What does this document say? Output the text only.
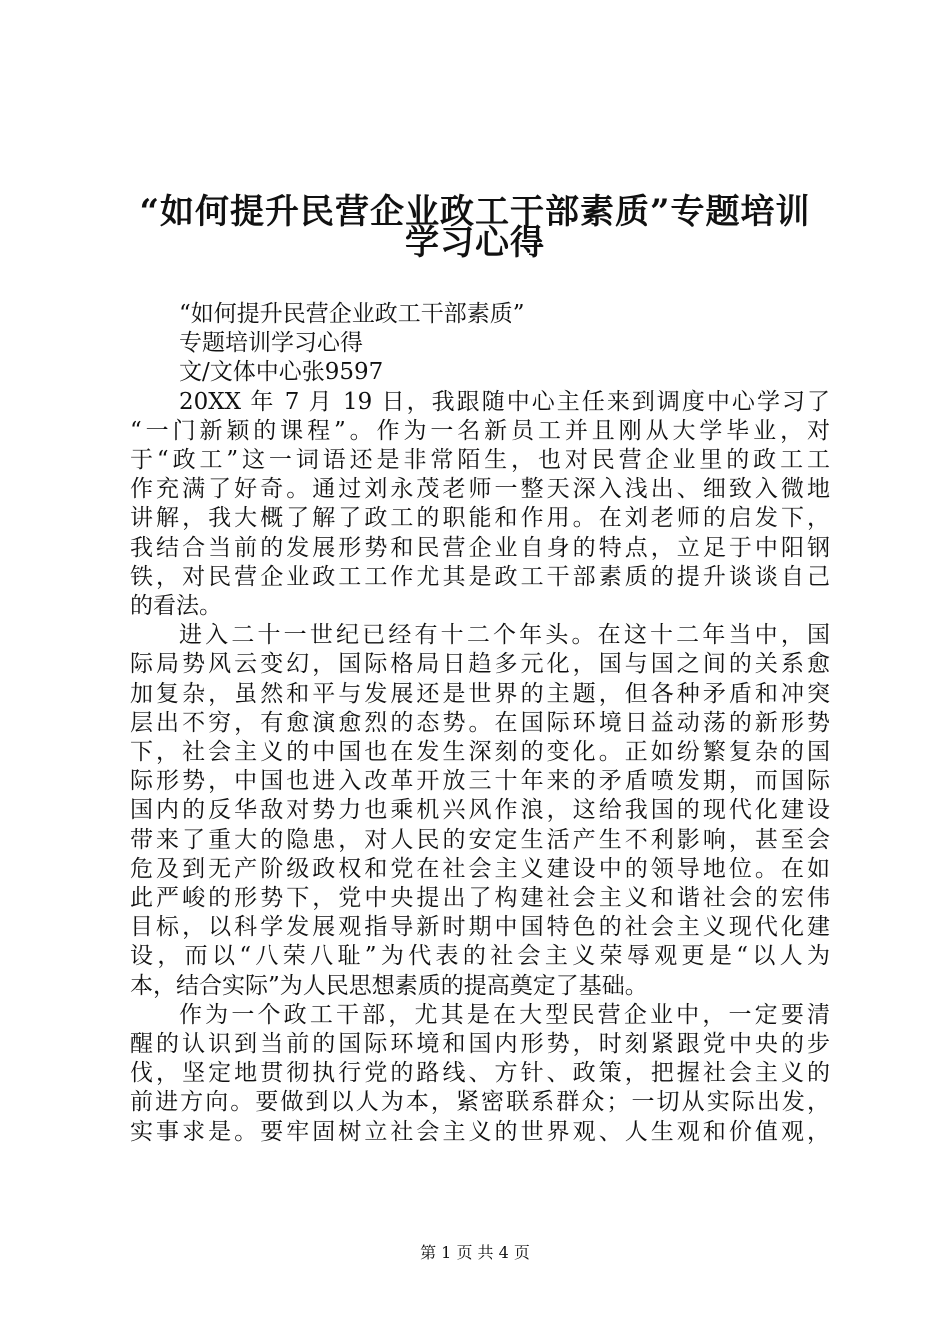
“如何提升民营企业政工干部素质”专题培训
学习心得

“如何提升民营企业政工干部素质”

专题培训学习心得

文/文体中心张9597

20XX 年 7 月 19 日，我跟随中心主任来到调度中心学习了

“一门新颖的课程”。作为一名新员工并且刚从大学毕业，对

于“政工”这一词语还是非常陌生，也对民营企业里的政工工

作充满了好奇。通过刘永茂老师一整天深入浅出、细致入微地

讲解，我大概了解了政工的职能和作用。在刘老师的启发下，

我结合当前的发展形势和民营企业自身的特点，立足于中阳钢

铁，对民营企业政工工作尤其是政工干部素质的提升谈谈自己

的看法。

进入二十一世纪已经有十二个年头。在这十二年当中，国

际局势风云变幻，国际格局日趋多元化，国与国之间的关系愈

加复杂，虽然和平与发展还是世界的主题，但各种矛盾和冲突

层出不穷，有愈演愈烈的态势。在国际环境日益动荡的新形势

下，社会主义的中国也在发生深刻的变化。正如纷繁复杂的国

际形势，中国也进入改革开放三十年来的矛盾喷发期，而国际

国内的反华敌对势力也乘机兴风作浪，这给我国的现代化建设

带来了重大的隐患，对人民的安定生活产生不利影响，甚至会

危及到无产阶级政权和党在社会主义建设中的领导地位。在如

此严峻的形势下，党中央提出了构建社会主义和谐社会的宏伟

目标，以科学发展观指导新时期中国特色的社会主义现代化建

设，而以“八荣八耻”为代表的社会主义荣辱观更是“以人为

本，结合实际”为人民思想素质的提高奠定了基础。

作为一个政工干部，尤其是在大型民营企业中，一定要清

醒的认识到当前的国际环境和国内形势，时刻紧跟党中央的步

伐，坚定地贯彻执行党的路线、方针、政策，把握社会主义的

前进方向。要做到以人为本，紧密联系群众；一切从实际出发，

实事求是。要牢固树立社会主义的世界观、人生观和价值观，

第 1 页 共 4 页
